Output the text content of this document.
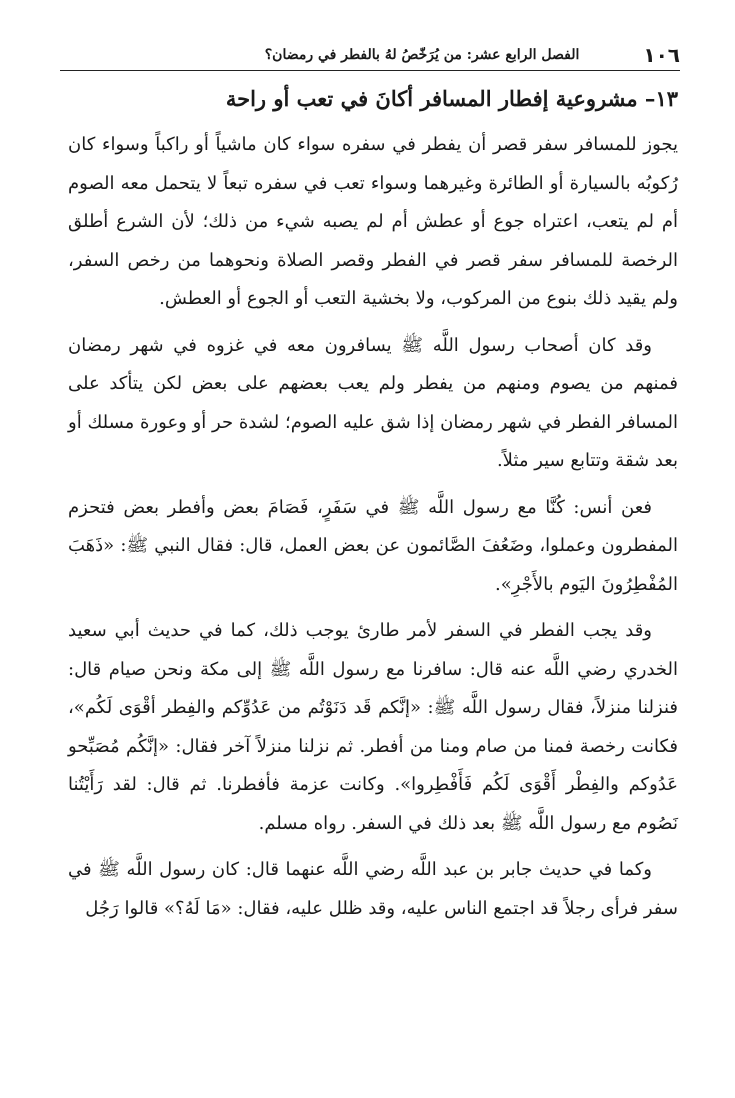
١٠٦
الفصل الرابع عشر: من يُرَخّصُ لهُ بالفطر في رمضان؟
١٣– مشروعية إفطار المسافر أكانَ في تعب أو راحة

يجوز للمسافر سفر قصر أن يفطر في سفره سواء كان ماشياً أو راكباً وسواء كان رُكوبُه بالسيارة أو الطائرة وغيرهما وسواء تعب في سفره تبعاً لا يتحمل معه الصوم أم لم يتعب، اعتراه جوع أو عطش أم لم يصبه شيء من ذلك؛ لأن الشرع أطلق الرخصة للمسافر سفر قصر في الفطر وقصر الصلاة ونحوهما من رخص السفر، ولم يقيد ذلك بنوع من المركوب، ولا بخشية التعب أو الجوع أو العطش.

وقد كان أصحاب رسول اللَّه ﷺ يسافرون معه في غزوه في شهر رمضان فمنهم من يصوم ومنهم من يفطر ولم يعب بعضهم على بعض لكن يتأكد على المسافر الفطر في شهر رمضان إذا شق عليه الصوم؛ لشدة حر أو وعورة مسلك أو بعد شقة وتتابع سير مثلاً.

فعن أنس: كُنَّا مع رسول اللَّه ﷺ في سَفَرٍ، فَصَامَ بعض وأفطر بعض فتحزم المفطرون وعملوا، وضَعُفَ الصَّائمون عن بعض العمل، قال: فقال النبي ﷺ: «ذَهَبَ المُفْطِرُونَ اليَوم بالأَجْرِ».

وقد يجب الفطر في السفر لأمر طارئ يوجب ذلك، كما في حديث أبي سعيد الخدري رضي اللَّه عنه قال: سافرنا مع رسول اللَّه ﷺ إلى مكة ونحن صيام قال: فنزلنا منزلاً، فقال رسول اللَّه ﷺ: «إنَّكم قَد دَنَوْتُم من عَدُوِّكم والفِطر أقْوَى لَكُم»، فكانت رخصة فمنا من صام ومنا من أفطر. ثم نزلنا منزلاً آخر فقال: «إنَّكُم مُصَبِّحو عَدُوكم والفِطْر أَقْوَى لَكُم فَأَفْطِروا». وكانت عزمة فأفطرنا. ثم قال: لقد رَأَيْتُنا نَصُوم مع رسول اللَّه ﷺ بعد ذلك في السفر. رواه مسلم.

وكما في حديث جابر بن عبد اللَّه رضي اللَّه عنهما قال: كان رسول اللَّه ﷺ في سفر فرأى رجلاً قد اجتمع الناس عليه، وقد ظلل عليه، فقال: «مَا لَهُ؟» قالوا رَجُل
